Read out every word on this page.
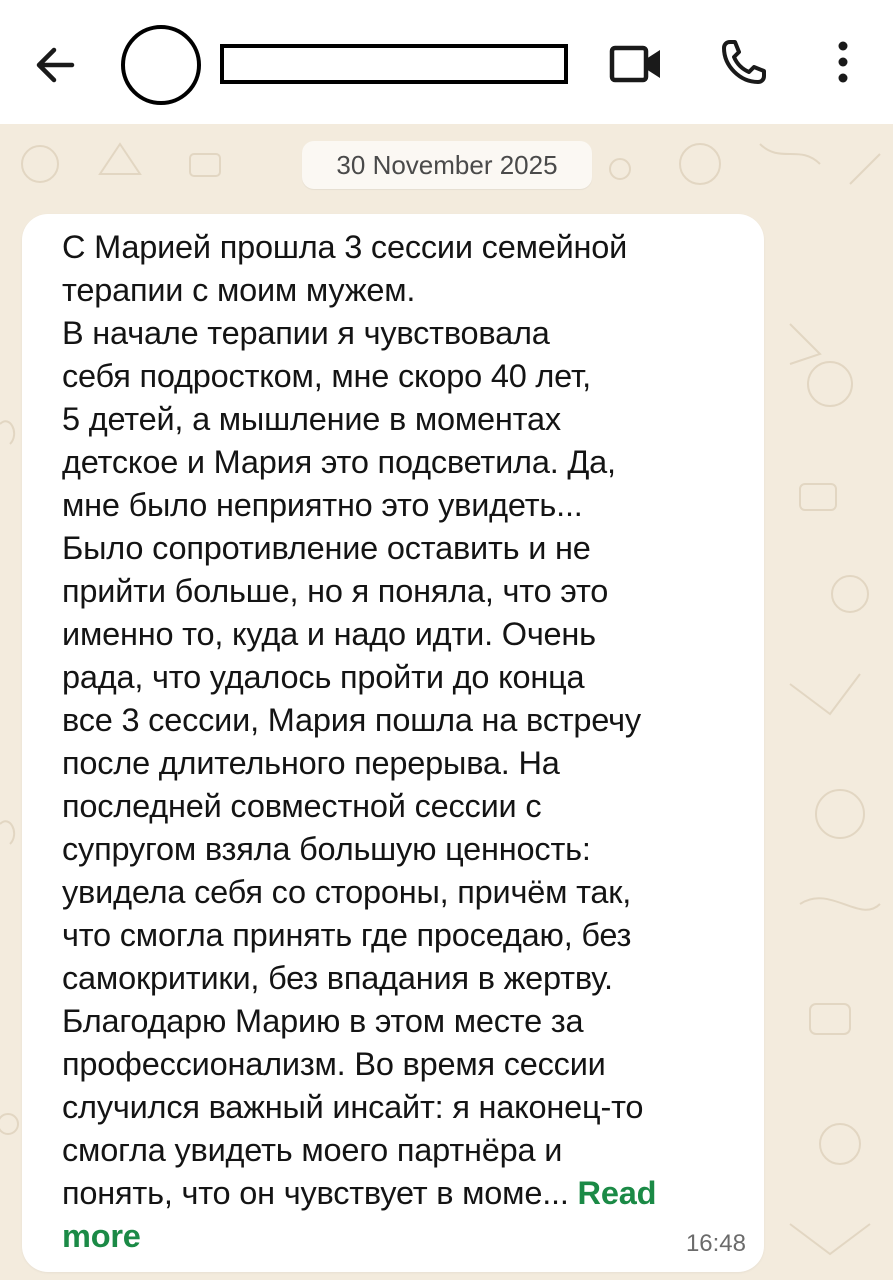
30 November 2025

С Марией прошла 3 сессии семейной
терапии с моим мужем.
В начале терапии я чувствовала
себя подростком, мне скоро 40 лет,
5 детей, а мышление в моментах
детское и Мария это подсветила. Да,
мне было неприятно это увидеть...
Было сопротивление оставить и не
прийти больше, но я поняла, что это
именно то, куда и надо идти. Очень
рада, что удалось пройти до конца
все 3 сессии, Мария пошла на встречу
после длительного перерыва. На
последней совместной сессии с
супругом взяла большую ценность:
увидела себя со стороны, причём так,
что смогла принять где проседаю, без
самокритики, без впадания в жертву.
Благодарю Марию в этом месте за
профессионализм. Во время сессии
случился важный инсайт: я наконец-то
смогла увидеть моего партнёра и
понять, что он чувствует в моме... Read
more	16:48
